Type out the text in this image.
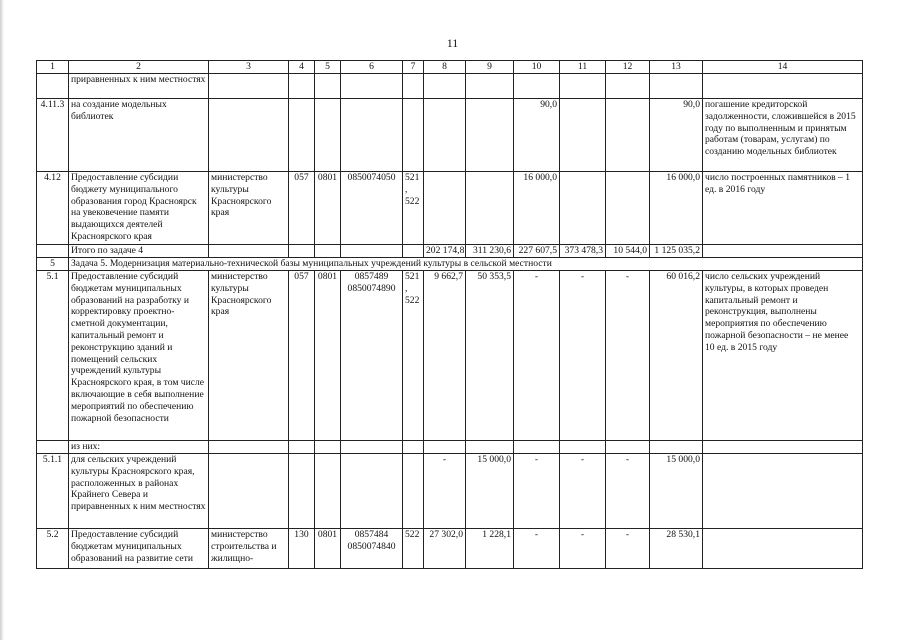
11
1	2	3	4	5	6	7	8	9	10	11	12	13	14
	приравненных к ним местностях												
4.11.3	на создание модельных библиотек								90,0			90,0	погашение кредиторской задолженности, сложившейся в 2015 году по выполненным и принятым работам (товарам, услугам) по созданию модельных библиотек
4.12	Предоставление субсидии бюджету муниципального образования город Красноярск на увековечение памяти выдающихся деятелей Красноярского края	министерство культуры Красноярского края	057	0801	0850074050	521, 522			16 000,0			16 000,0	число построенных памятников – 1 ед. в 2016 году
	Итого по задаче 4						202 174,8	311 230,6	227 607,5	373 478,3	10 544,0	1 125 035,2	
5	Задача 5. Модернизация материально-технической базы муниципальных учреждений культуры в сельской местности												
5.1	Предоставление субсидий бюджетам муниципальных образований на разработку и корректировку проектно-сметной документации, капитальный ремонт и реконструкцию зданий и помещений сельских учреждений культуры Красноярского края, в том числе включающие в себя выполнение мероприятий по обеспечению пожарной безопасности	министерство культуры Красноярского края	057	0801	0857489 0850074890	521, 522	9 662,7	50 353,5	-	-	-	60 016,2	число сельских учреждений культуры, в которых проведен капитальный ремонт и реконструкция, выполнены мероприятия по обеспечению пожарной безопасности – не менее 10 ед. в 2015 году
	из них:												
5.1.1	для сельских учреждений культуры Красноярского края, расположенных в районах Крайнего Севера и приравненных к ним местностях						-	15 000,0	-	-	-	15 000,0	
5.2	Предоставление субсидий бюджетам муниципальных образований на развитие сети	министерство строительства и жилищно-	130	0801	0857484 0850074840	522	27 302,0	1 228,1	-	-	-	28 530,1	
